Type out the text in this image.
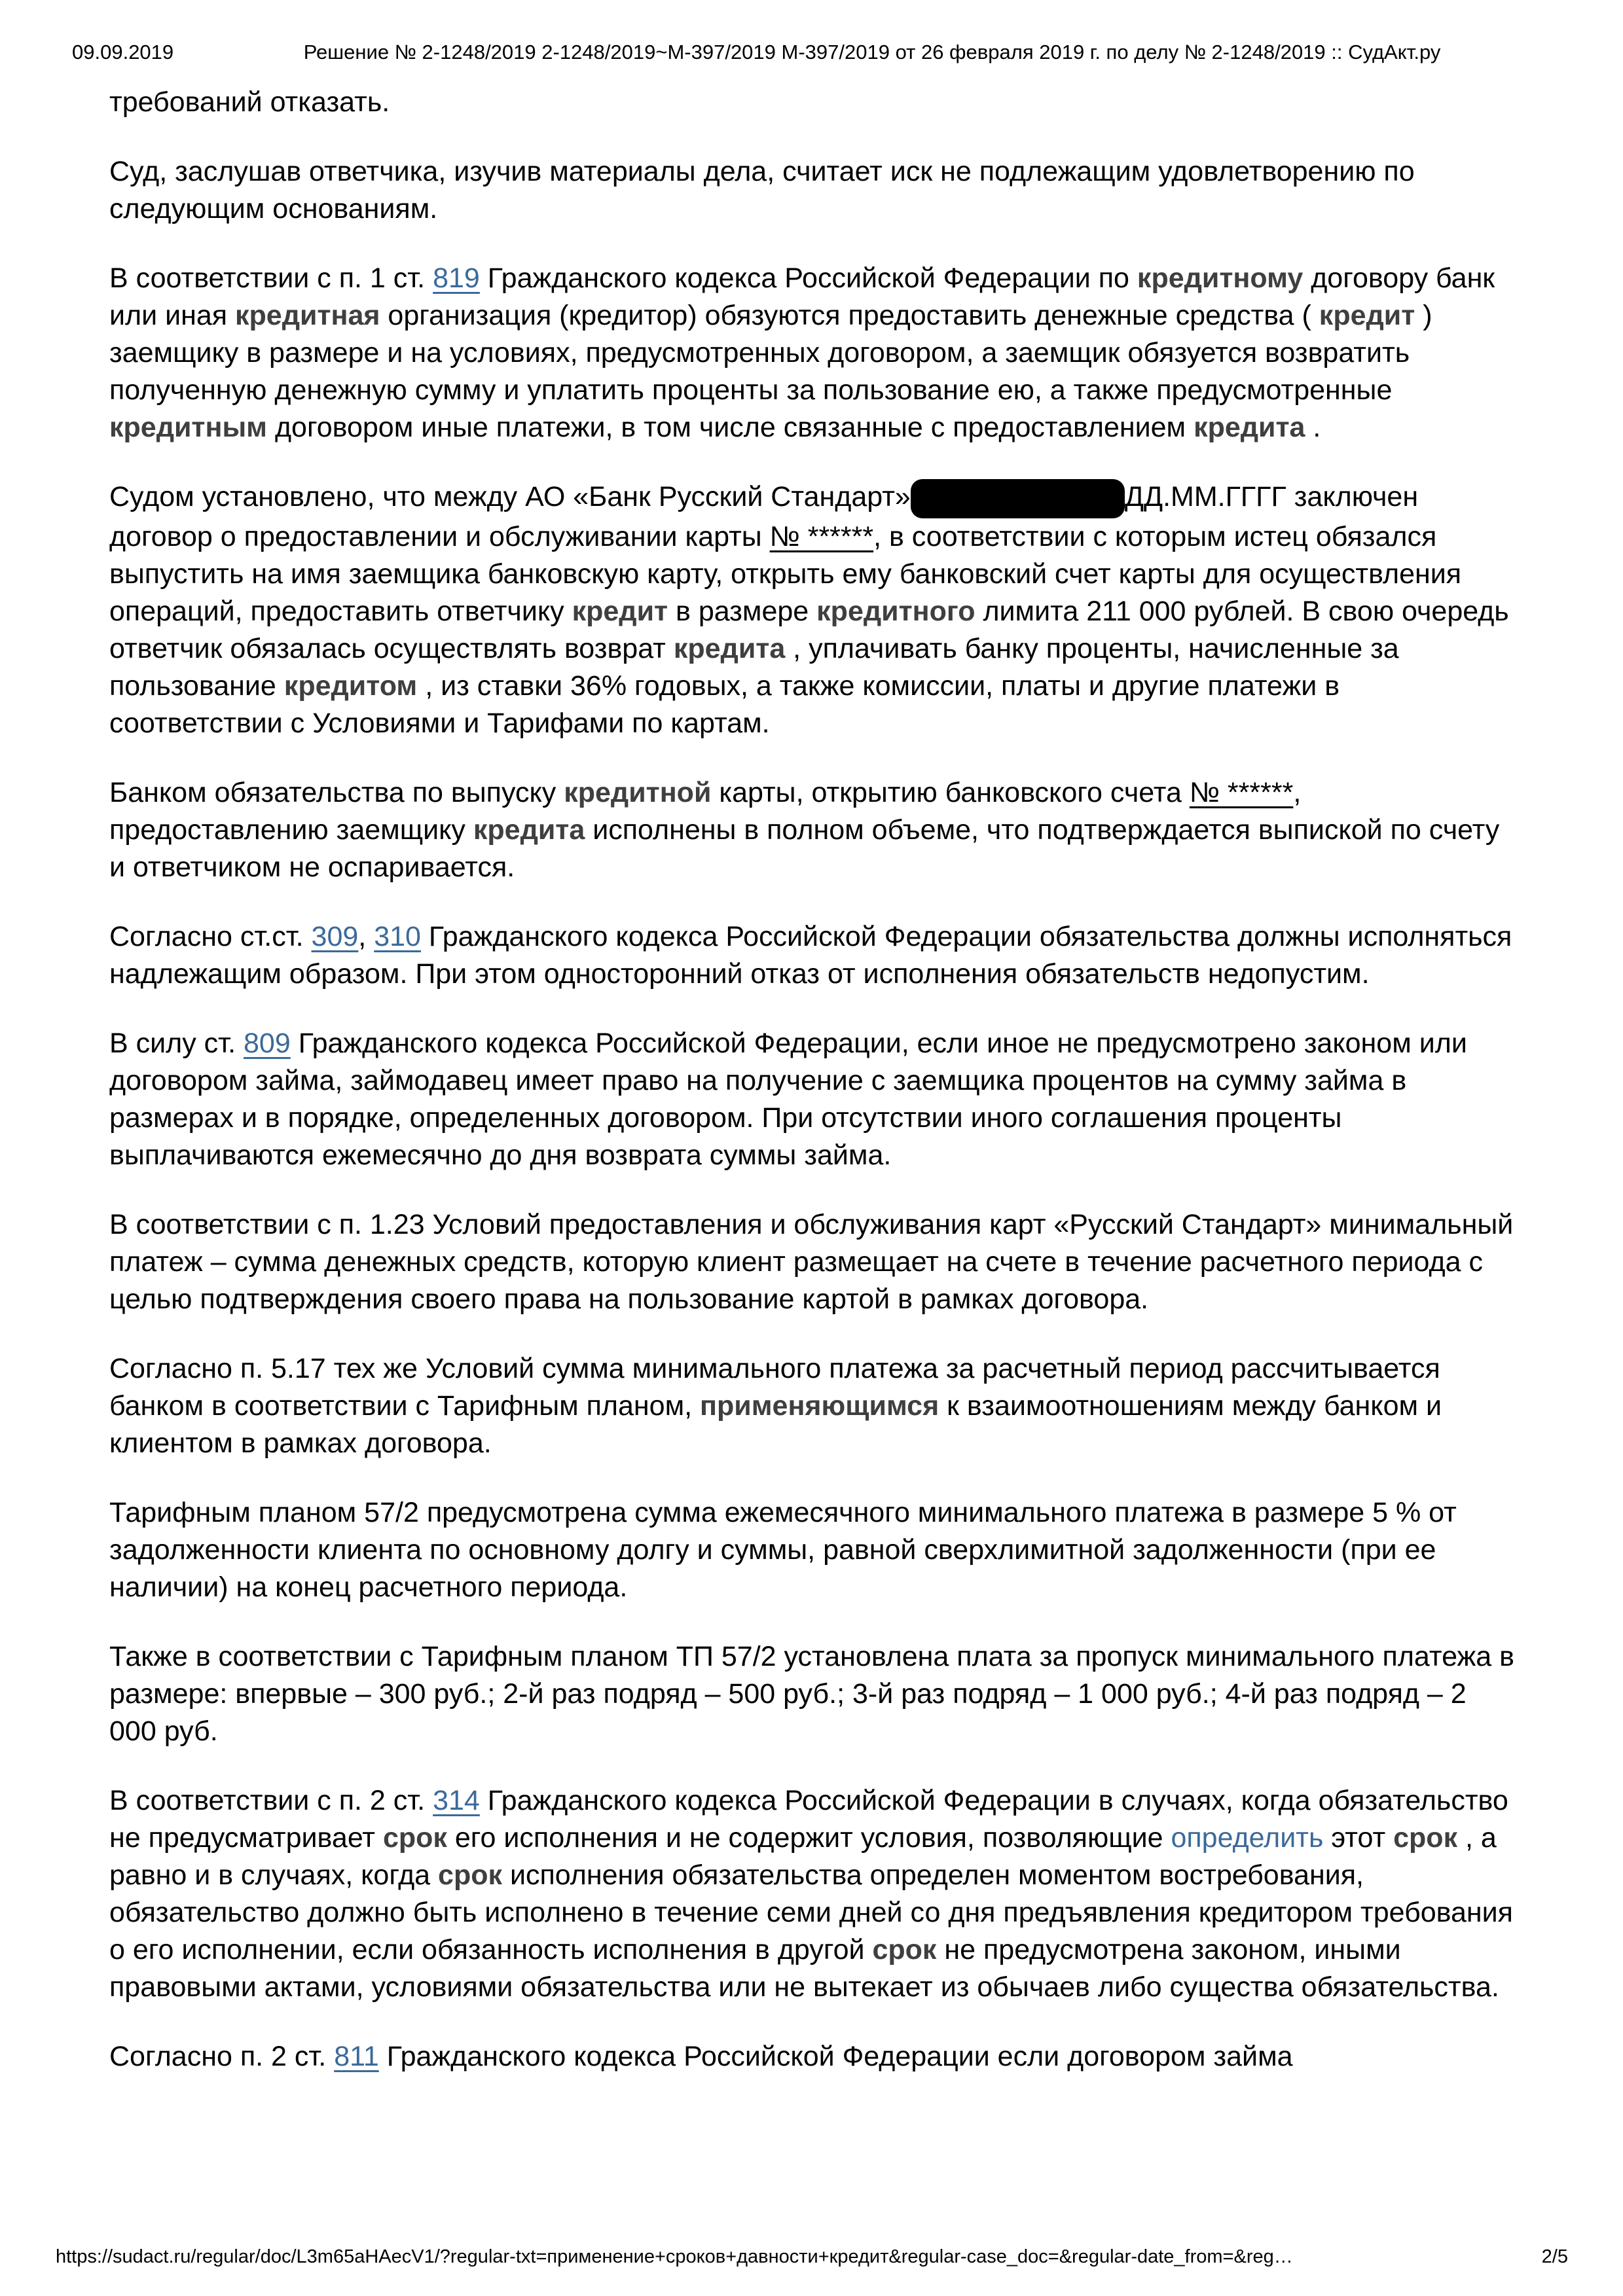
09.09.2019	Решение № 2-1248/2019 2-1248/2019~М-397/2019 М-397/2019 от 26 февраля 2019 г. по делу № 2-1248/2019 :: СудАкт.ру

требований отказать.

Суд, заслушав ответчика, изучив материалы дела, считает иск не подлежащим удовлетворению по следующим основаниям.

В соответствии с п. 1 ст. 819 Гражданского кодекса Российской Федерации по кредитному договору банк или иная кредитная организация (кредитор) обязуются предоставить денежные средства ( кредит ) заемщику в размере и на условиях, предусмотренных договором, а заемщик обязуется возвратить полученную денежную сумму и уплатить проценты за пользование ею, а также предусмотренные кредитным договором иные платежи, в том числе связанные с предоставлением кредита .

Судом установлено, что между АО «Банк Русский Стандарт»	ДД.ММ.ГГГГ заключен договор о предоставлении и обслуживании карты № ******, в соответствии с которым истец обязался выпустить на имя заемщика банковскую карту, открыть ему банковский счет карты для осуществления операций, предоставить ответчику кредит в размере кредитного лимита 211 000 рублей. В свою очередь ответчик обязалась осуществлять возврат кредита , уплачивать банку проценты, начисленные за пользование кредитом , из ставки 36% годовых, а также комиссии, платы и другие платежи в соответствии с Условиями и Тарифами по картам.

Банком обязательства по выпуску кредитной карты, открытию банковского счета № ******, предоставлению заемщику кредита исполнены в полном объеме, что подтверждается выпиской по счету и ответчиком не оспаривается.

Согласно ст.ст. 309, 310 Гражданского кодекса Российской Федерации обязательства должны исполняться надлежащим образом. При этом односторонний отказ от исполнения обязательств недопустим.

В силу ст. 809 Гражданского кодекса Российской Федерации, если иное не предусмотрено законом или договором займа, займодавец имеет право на получение с заемщика процентов на сумму займа в размерах и в порядке, определенных договором. При отсутствии иного соглашения проценты выплачиваются ежемесячно до дня возврата суммы займа.

В соответствии с п. 1.23 Условий предоставления и обслуживания карт «Русский Стандарт» минимальный платеж – сумма денежных средств, которую клиент размещает на счете в течение расчетного периода с целью подтверждения своего права на пользование картой в рамках договора.

Согласно п. 5.17 тех же Условий сумма минимального платежа за расчетный период рассчитывается банком в соответствии с Тарифным планом, применяющимся к взаимоотношениям между банком и клиентом в рамках договора.

Тарифным планом 57/2 предусмотрена сумма ежемесячного минимального платежа в размере 5 % от задолженности клиента по основному долгу и суммы, равной сверхлимитной задолженности (при ее наличии) на конец расчетного периода.

Также в соответствии с Тарифным планом ТП 57/2 установлена плата за пропуск минимального платежа в размере: впервые – 300 руб.; 2-й раз подряд – 500 руб.; 3-й раз подряд – 1 000 руб.; 4-й раз подряд – 2 000 руб.

В соответствии с п. 2 ст. 314 Гражданского кодекса Российской Федерации в случаях, когда обязательство не предусматривает срок его исполнения и не содержит условия, позволяющие определить этот срок , а равно и в случаях, когда срок исполнения обязательства определен моментом востребования, обязательство должно быть исполнено в течение семи дней со дня предъявления кредитором требования о его исполнении, если обязанность исполнения в другой срок не предусмотрена законом, иными правовыми актами, условиями обязательства или не вытекает из обычаев либо существа обязательства.

Согласно п. 2 ст. 811 Гражданского кодекса Российской Федерации если договором займа

https://sudact.ru/regular/doc/L3m65aHAecV1/?regular-txt=применение+сроков+давности+кредит&regular-case_doc=&regular-date_from=&reg…	2/5
